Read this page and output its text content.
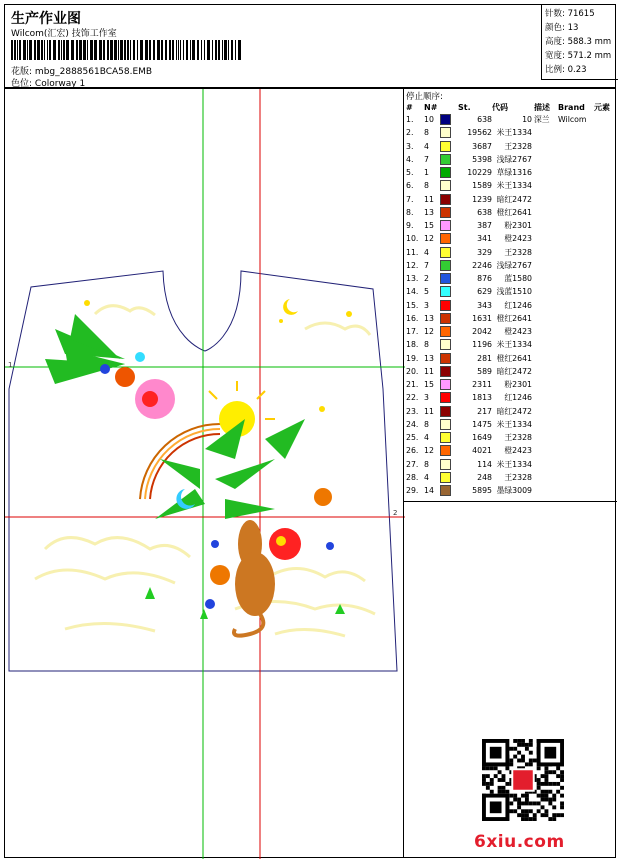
生产作业图
Wilcom(汇宏) 技饰工作室
花版: mbg_2888561BCA58.EMB
色位: Colorway 1
针数: 71615
颜色: 13
高度: 588.3 mm
宽度: 571.2 mm
比例: 0.23
1
2
停止顺序:
#	N#		St.	代码	描述	Brand	元素
1.	10		638	10	深兰	Wilcom	
2.	8		19562	米王1334			
3.	4		3687	王2328			
4.	7		5398	浅绿2767			
5.	1		10229	草绿1316			
6.	8		1589	米王1334			
7.	11		1239	暗红2472			
8.	13		638	橙红2641			
9.	15		387	粉2301			
10.	12		341	橙2423			
11.	4		329	王2328			
12.	7		2246	浅绿2767			
13.	2		876	蓝1580			
14.	5		629	浅蓝1510			
15.	3		343	红1246			
16.	13		1631	橙红2641			
17.	12		2042	橙2423			
18.	8		1196	米王1334			
19.	13		281	橙红2641			
20.	11		589	暗红2472			
21.	15		2311	粉2301			
22.	3		1813	红1246			
23.	11		217	暗红2472			
24.	8		1475	米王1334			
25.	4		1649	王2328			
26.	12		4021	橙2423			
27.	8		114	米王1334			
28.	4		248	王2328			
29.	14		5895	墨绿3009			
6xiu.com
